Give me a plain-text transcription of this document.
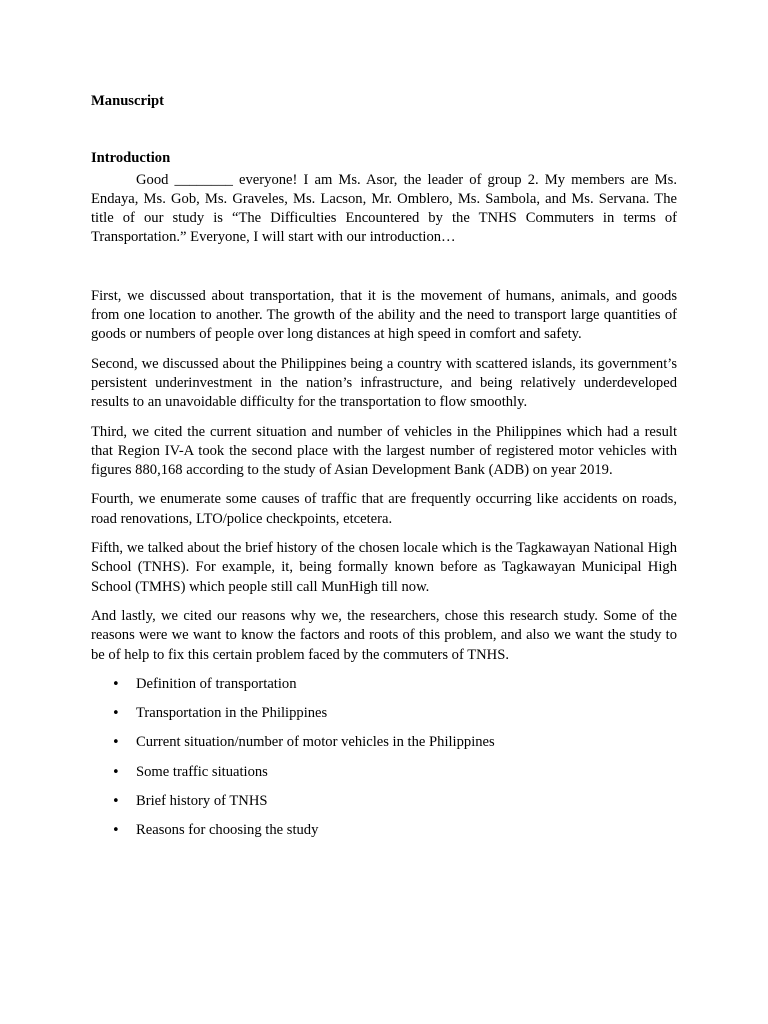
Manuscript
Introduction

Good ________ everyone! I am Ms. Asor, the leader of group 2. My members are Ms. Endaya, Ms. Gob, Ms. Graveles, Ms. Lacson, Mr. Omblero, Ms. Sambola, and Ms. Servana. The title of our study is “The Difficulties Encountered by the TNHS Commuters in terms of Transportation.” Everyone, I will start with our introduction…

First, we discussed about transportation, that it is the movement of humans, animals, and goods from one location to another. The growth of the ability and the need to transport large quantities of goods or numbers of people over long distances at high speed in comfort and safety.

Second, we discussed about the Philippines being a country with scattered islands, its government’s persistent underinvestment in the nation’s infrastructure, and being relatively underdeveloped results to an unavoidable difficulty for the transportation to flow smoothly.

Third, we cited the current situation and number of vehicles in the Philippines which had a result that Region IV-A took the second place with the largest number of registered motor vehicles with figures 880,168 according to the study of Asian Development Bank (ADB) on year 2019.

Fourth, we enumerate some causes of traffic that are frequently occurring like accidents on roads, road renovations, LTO/police checkpoints, etcetera.

Fifth, we talked about the brief history of the chosen locale which is the Tagkawayan National High School (TNHS). For example, it, being formally known before as Tagkawayan Municipal High School (TMHS) which people still call MunHigh till now.

And lastly, we cited our reasons why we, the researchers, chose this research study. Some of the reasons were we want to know the factors and roots of this problem, and also we want the study to be of help to fix this certain problem faced by the commuters of TNHS.

• Definition of transportation
• Transportation in the Philippines
• Current situation/number of motor vehicles in the Philippines
• Some traffic situations
• Brief history of TNHS
• Reasons for choosing the study
